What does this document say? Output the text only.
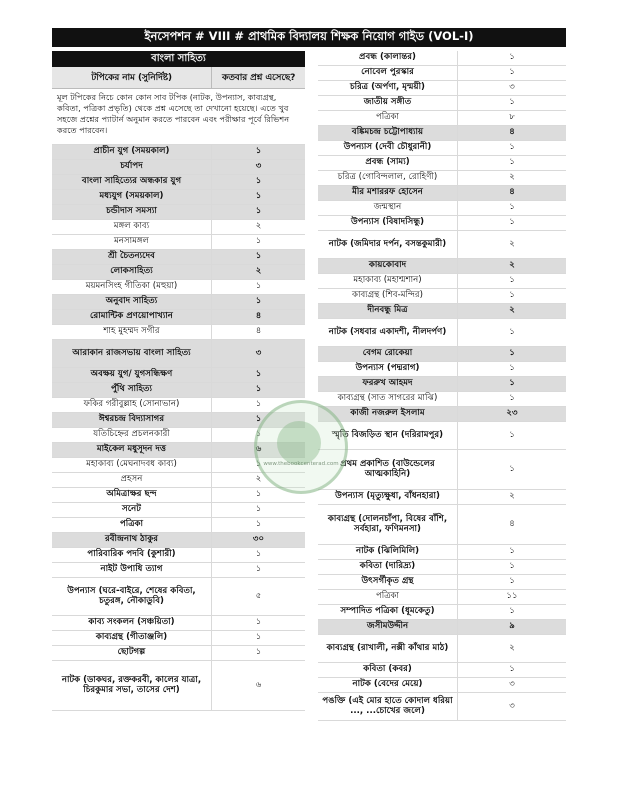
ইনসেপশন # VIII # প্রাথমিক বিদ্যালয় শিক্ষক নিয়োগ গাইড (VOL-I)
বাংলা সাহিত্য
টপিকের নাম (সুনির্দিষ্ট)	কতবার প্রশ্ন এসেছে?
মূল টপিকের নিচে কোন কোন সাব টপিক (নাটক, উপন্যাস, কাব্যগ্রন্থ, কবিতা, পত্রিকা প্রভৃতি) থেকে প্রশ্ন এসেছে তা দেখানো হয়েছে। এতে খুব সহজে প্রশ্নের প্যাটার্ন অনুমান করতে পারবেন এবং পরীক্ষার পূর্বে রিভিশন করতে পারবেন।
প্রাচীন যুগ (সময়কাল)	১
চর্যাপদ	৩
বাংলা সাহিত্যের অন্ধকার যুগ	১
মধ্যযুগ (সময়কাল)	১
চন্ডীদাস সমস্যা	১
মঙ্গল কাব্য	২
মনসামঙ্গল	১
শ্রী চৈতন্যদেব	১
লোকসাহিত্য	২
ময়মনসিংহ গীতিকা (মহুয়া)	১
অনুবাদ সাহিত্য	১
রোমান্টিক প্রণয়োপাখ্যান	৪
শাহ মুহম্মদ সগীর	৪
আরাকান রাজসভায় বাংলা সাহিত্য	৩
অবক্ষয় যুগ/ যুগসন্ধিক্ষণ	১
পুঁথি সাহিত্য	১
ফকির গরীবুল্লাহ (সোনাভান)	১
ঈশ্বরচন্দ্র বিদ্যাসাগর	১
যতিচিহ্নের প্রচলনকারী	১
মাইকেল মধুসূদন দত্ত	৬
মহাকাব্য (মেঘনাদবধ কাব্য)	১
প্রহসন	২
অমিত্রাক্ষর ছন্দ	১
সনেট	১
পত্রিকা	১
রবীন্দ্রনাথ ঠাকুর	৩০
পারিবারিক পদবি (কুশারী)	১
নাইট উপাধি ত্যাগ	১
উপন্যাস (ঘরে-বাইরে, শেষের কবিতা, চতুরঙ্গ, নৌকাডুবি)	৫
কাব্য সংকলন (সঞ্চয়িতা)	১
কাব্যগ্রন্থ (গীতাঞ্জলি)	১
ছোটগল্প	১
নাটক (ডাকঘর, রক্তকরবী, কালের যাত্রা, চিরকুমার সভা, তাসের দেশ)	৬
প্রবন্ধ (কালান্তর)	১
নোবেল পুরস্কার	১
চরিত্র (অর্পণা, মৃন্ময়ী)	৩
জাতীয় সঙ্গীত	১
পত্রিকা	৮
বঙ্কিমচন্দ্র চট্টোপাধ্যায়	৪
উপন্যাস (দেবী চৌধুরানী)	১
প্রবন্ধ (সাম্য)	১
চরিত্র (গোবিন্দলাল, রোহিণী)	২
মীর মশাররফ হোসেন	৪
জন্মস্থান	১
উপন্যাস (বিষাদসিন্ধু)	১
নাটক (জমিদার দর্পন, বসন্তকুমারী)	২
কায়কোবাদ	২
মহাকাব্য (মহাশ্মশান)	১
কাব্যগ্রন্থ (শিব-মন্দির)	১
দীনবন্ধু মিত্র	২
নাটক (সধবার একাদশী, নীলদর্পণ)	১
বেগম রোকেয়া	১
উপন্যাস (পদ্মরাগ)	১
ফররুখ আহমদ	১
কাব্যগ্রন্থ (সাত সাগরের মাঝি)	১
কাজী নজরুল ইসলাম	২৩
স্মৃতি বিজড়িত স্থান (দরিরামপুর)	১
প্রথম প্রকাশিত (বাউন্ডেলের আত্মকাহিনি)	১
উপন্যাস (মৃত্যুক্ষুধা, বাঁধনহারা)	২
কাব্যগ্রন্থ (দোলনচাঁপা, বিষের বাঁশি, সর্বহারা, ফণিমনসা)	৪
নাটক (ঝিলিমিলি)	১
কবিতা (দারিদ্র্য)	১
উৎসর্গীকৃত গ্রন্থ	১
পত্রিকা	১১
সম্পাদিত পত্রিকা (ধূমকেতু)	১
জসীমউদ্দীন	৯
কাব্যগ্রন্থ (রাখালী, নক্সী কাঁথার মাঠ)	২
কবিতা (কবর)	১
নাটক (বেদের মেয়ে)	৩
পঙক্তি (এই মোর হাতে কোদাল ধরিয়া ..., ...চোখের জলে)	৩
www.thebookcenterad.com
